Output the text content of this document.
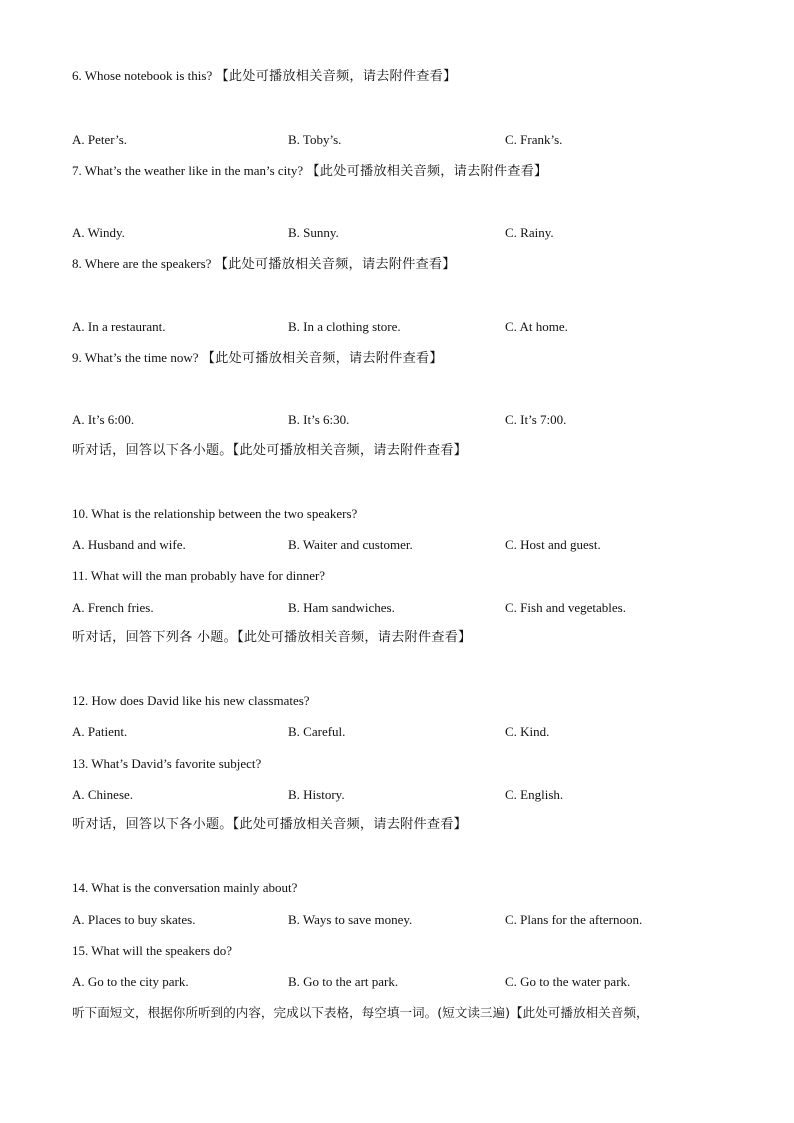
6. Whose notebook is this? 【此处可播放相关音频，请去附件查看】
A. Peter’s.	B. Toby’s.	C. Frank’s.
7. What’s the weather like in the man’s city? 【此处可播放相关音频，请去附件查看】
A. Windy.	B. Sunny.	C. Rainy.
8. Where are the speakers? 【此处可播放相关音频，请去附件查看】
A. In a restaurant.	B. In a clothing store.	C. At home.
9. What’s the time now? 【此处可播放相关音频，请去附件查看】
A. It’s 6:00.	B. It’s 6:30.	C. It’s 7:00.
听对话，回答以下各小题。【此处可播放相关音频，请去附件查看】
10. What is the relationship between the two speakers?
A. Husband and wife.	B. Waiter and customer.	C. Host and guest.
11. What will the man probably have for dinner?
A. French fries.	B. Ham sandwiches.	C. Fish and vegetables.
听对话，回答下列各 小题。【此处可播放相关音频，请去附件查看】
12. How does David like his new classmates?
A. Patient.	B. Careful.	C. Kind.
13. What’s David’s favorite subject?
A. Chinese.	B. History.	C. English.
听对话，回答以下各小题。【此处可播放相关音频，请去附件查看】
14. What is the conversation mainly about?
A. Places to buy skates.	B. Ways to save money.	C. Plans for the afternoon.
15. What will the speakers do?
A. Go to the city park.	B. Go to the art park.	C. Go to the water park.
听下面短文，根据你所听到的内容，完成以下表格，每空填一词。(短文读三遍)【此处可播放相关音频，
